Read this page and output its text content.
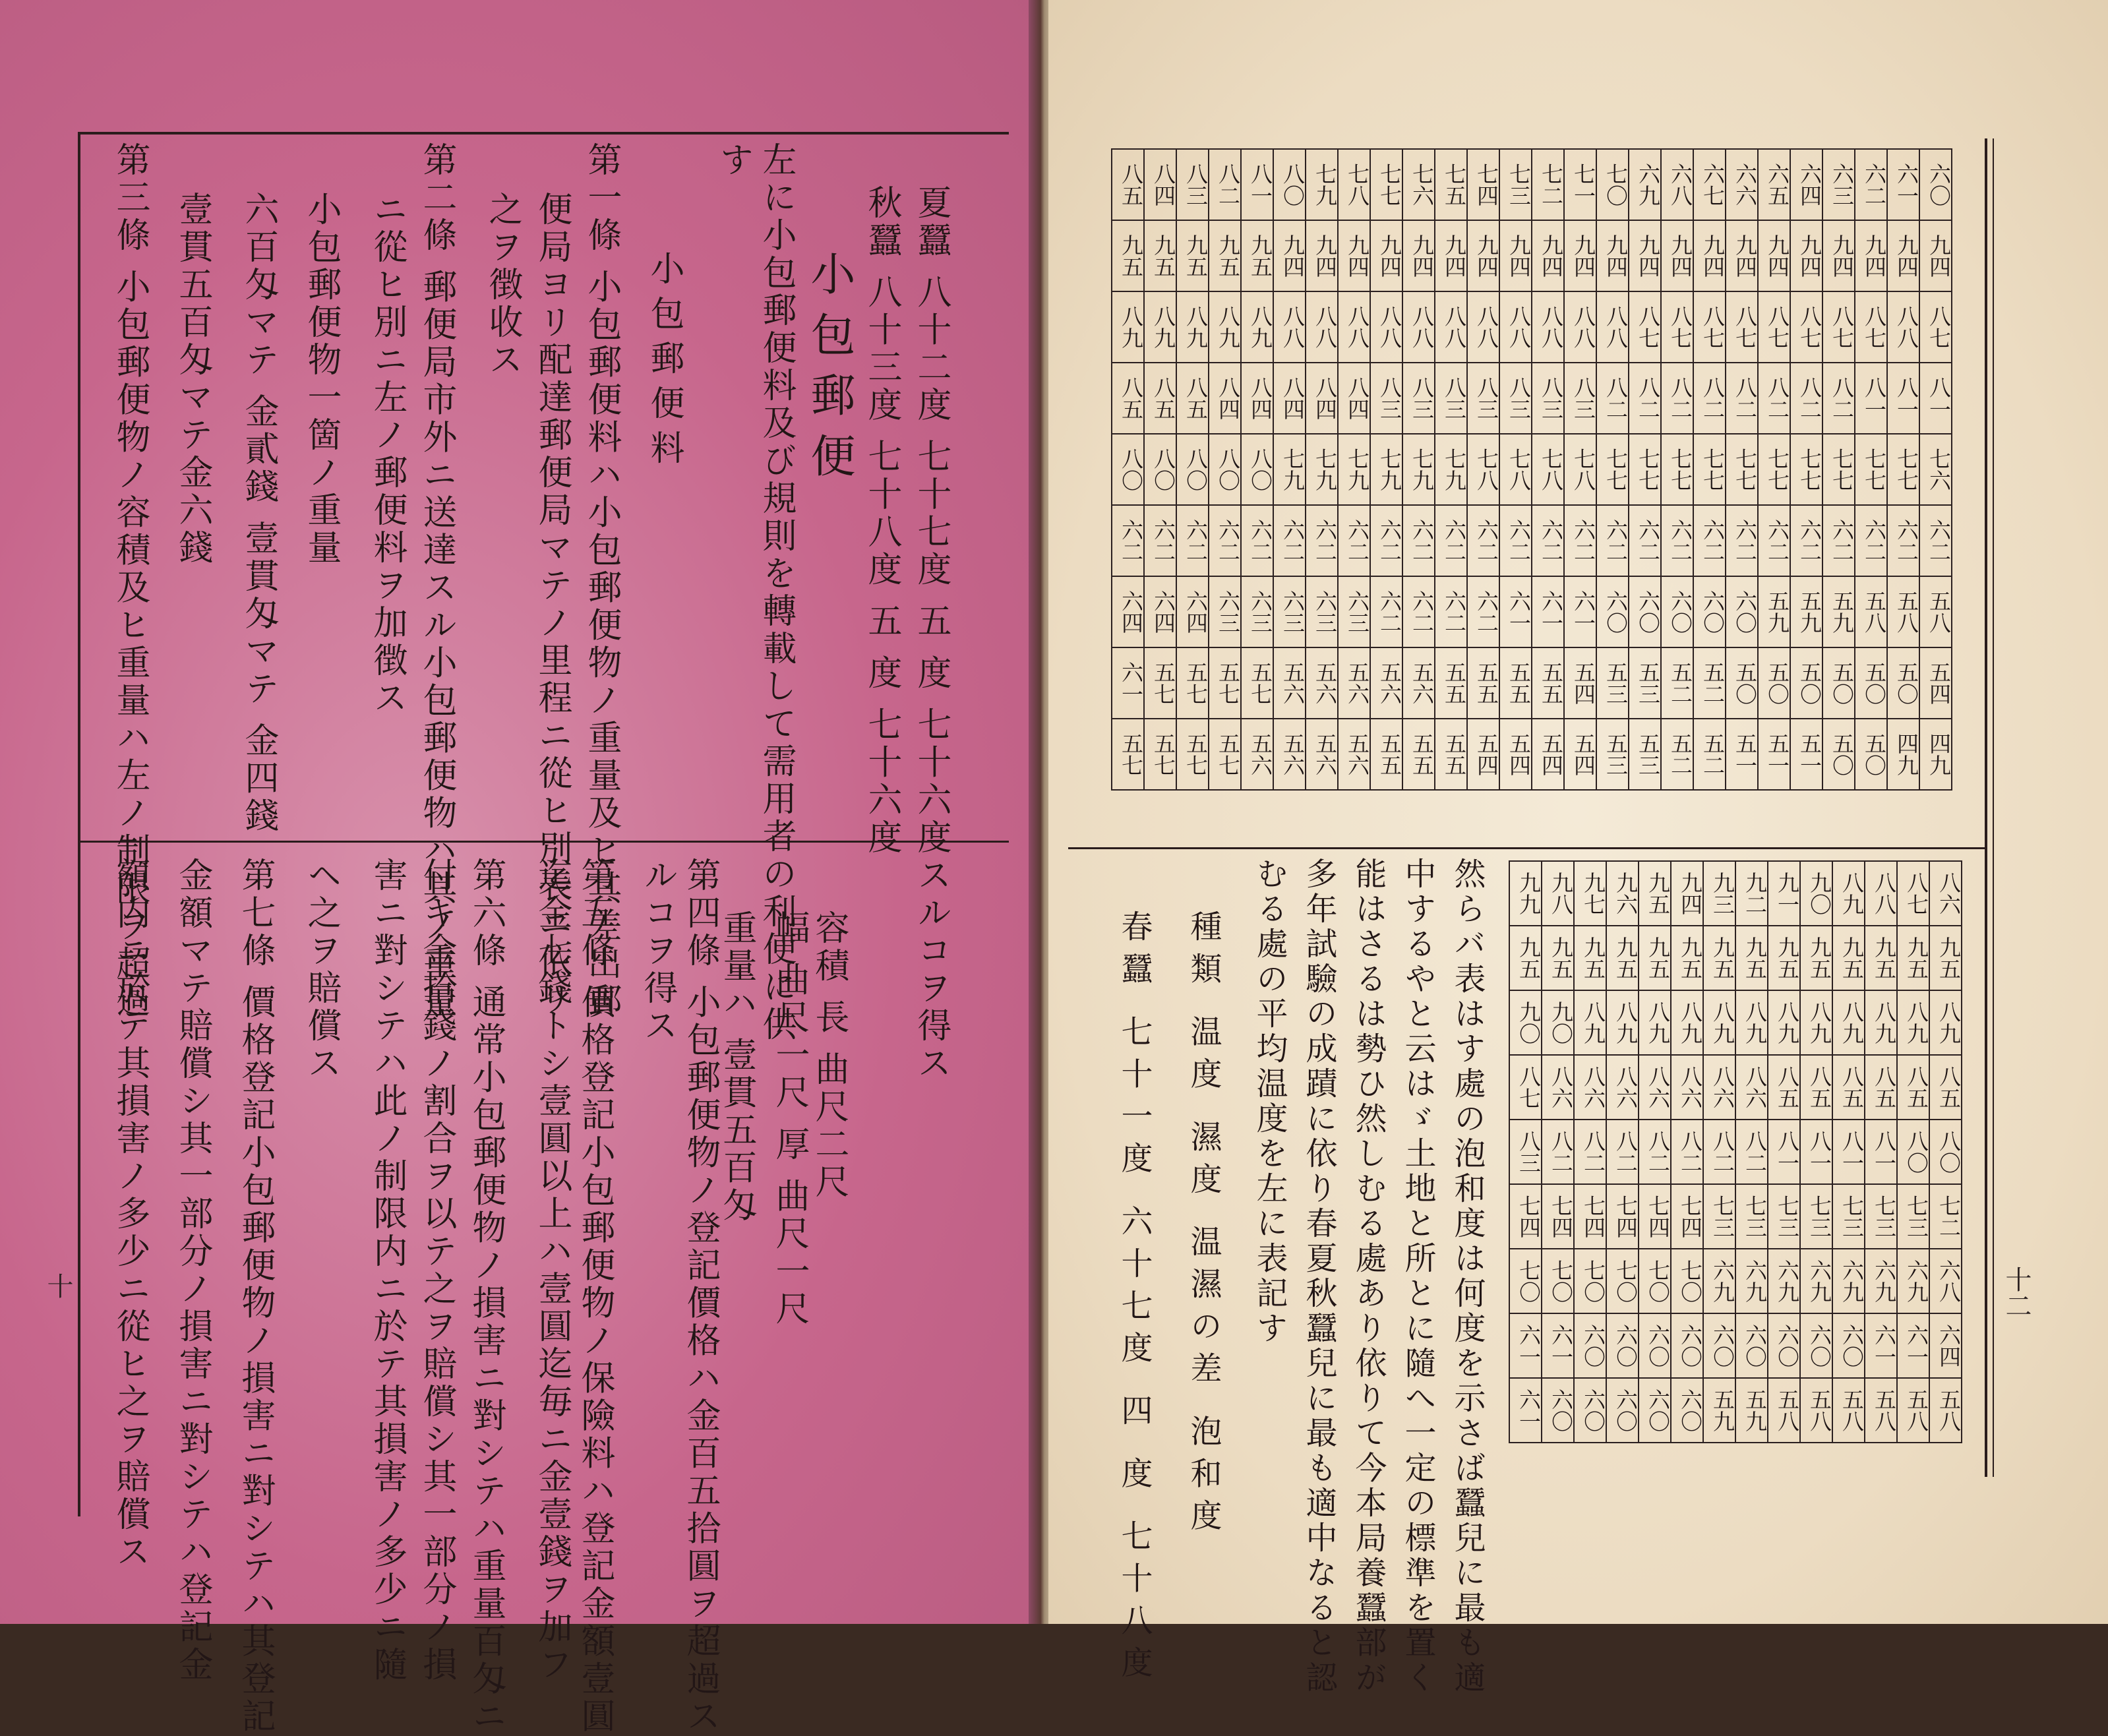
小包郵便 夏蠶 八十二度 七十七度 五 度 七十六度
秋蠶 八十三度 七十八度 五 度 七十六度
左に小包郵便料及び規則を轉載して需用者の利便に供
す
小包郵便料
第一條 小包郵便料ハ小包郵便物ノ重量及ヒ其差出郵
便局ヨリ配達郵便局マテノ里程ニ從ヒ別表ニ依リ
之ヲ徴收ス
第二條 郵便局市外ニ送達スル小包郵便物ハ其ノ重量
ニ從ヒ別ニ左ノ郵便料ヲ加徴ス
小包郵便物一箇ノ重量
六百匁マテ 金貳錢 壹貫匁マテ 金四錢
壹貫五百匁マテ金六錢
第三條 小包郵便物ノ容積及ヒ重量ハ左ノ制限ヲ超過	スルコヲ得ス
容積 長 曲尺二尺
幅 曲尺一尺 厚 曲尺一尺
重量ハ 壹貫五百匁
第四條 小包郵便物ノ登記價格ハ金百五拾圓ヲ超過ス
ルコヲ得ス
第五條 價格登記小包郵便物ノ保險料ハ登記金額壹圓
迄金七錢トシ壹圓以上ハ壹圓迄毎ニ金壹錢ヲ加フ
第六條 通常小包郵便物ノ損害ニ對シテハ重量百匁ニ
付キ金拾錢ノ割合ヲ以テ之ヲ賠償シ其一部分ノ損
害ニ對シテハ此ノ制限内ニ於テ其損害ノ多少ニ隨
ヘ之ヲ賠償ス
第七條 價格登記小包郵便物ノ損害ニ對シテハ其登記
金額マテ賠償シ其一部分ノ損害ニ對シテハ登記金
額内ニ於テ其損害ノ多少ニ從ヒ之ヲ賠償ス
十
八五	八四	八三	八二	八一	八〇	七九	七八	七七	七六	七五	七四	七三	七二	七一	七〇	六九	六八	六七	六六	六五	六四	六三	六二	六一	六〇
九五	九五	九五	九五	九五	九四	九四	九四	九四	九四	九四	九四	九四	九四	九四	九四	九四	九四	九四	九四	九四	九四	九四	九四	九四	九四
八九	八九	八九	八九	八九	八八	八八	八八	八八	八八	八八	八八	八八	八八	八八	八八	八七	八七	八七	八七	八七	八七	八七	八七	八八	八七
八五	八五	八五	八四	八四	八四	八四	八四	八三	八三	八三	八三	八三	八三	八三	八二	八二	八二	八二	八二	八二	八二	八二	八一	八一	八一
八〇	八〇	八〇	八〇	八〇	七九	七九	七九	七九	七九	七九	七八	七八	七八	七八	七七	七七	七七	七七	七七	七七	七七	七七	七七	七七	七六
六二	六二	六二	六二	六二	六二	六二	六二	六二	六二	六二	六二	六二	六二	六二	六二	六二	六二	六二	六二	六二	六二	六二	六二	六二	六二
六四	六四	六四	六三	六三	六三	六三	六三	六二	六二	六二	六二	六一	六一	六一	六〇	六〇	六〇	六〇	六〇	五九	五九	五九	五八	五八	五八
六一	五七	五七	五七	五七	五六	五六	五六	五六	五六	五五	五五	五五	五五	五四	五三	五三	五二	五二	五〇	五〇	五〇	五〇	五〇	五〇	五四
五七	五七	五七	五七	五六	五六	五六	五六	五五	五五	五五	五四	五四	五四	五四	五三	五三	五二	五二	五一	五一	五一	五〇	五〇	四九	四九
九九	九八	九七	九六	九五	九四	九三	九二	九一	九〇	八九	八八	八七	八六
九五	九五	九五	九五	九五	九五	九五	九五	九五	九五	九五	九五	九五	九五
九〇	九〇	八九	八九	八九	八九	八九	八九	八九	八九	八九	八九	八九	八九
八七	八六	八六	八六	八六	八六	八六	八六	八五	八五	八五	八五	八五	八五
八三	八二	八二	八二	八二	八二	八二	八二	八一	八一	八一	八一	八〇	八〇
七四	七四	七四	七四	七四	七四	七三	七三	七三	七三	七三	七三	七三	七二
七〇	七〇	七〇	七〇	七〇	七〇	六九	六九	六九	六九	六九	六九	六九	六八
六一	六一	六〇	六〇	六〇	六〇	六〇	六〇	六〇	六〇	六〇	六一	六一	六四
六一	六〇	六〇	六〇	六〇	六〇	五九	五九	五八	五八	五八	五八	五八	五八
然らバ表はす處の泡和度は何度を示さば蠶兒に最も適
中するやと云はゞ土地と所とに隨へ一定の標準を置く
能はさるは勢ひ然しむる處あり依りて今本局養蠶部が
多年試驗の成蹟に依り春夏秋蠶兒に最も適中なると認
むる處の平均温度を左に表記す
種類 温度 濕度 温濕の差 泡和度
春蠶 七十一度 六十七度 四 度 七十八度	十二
